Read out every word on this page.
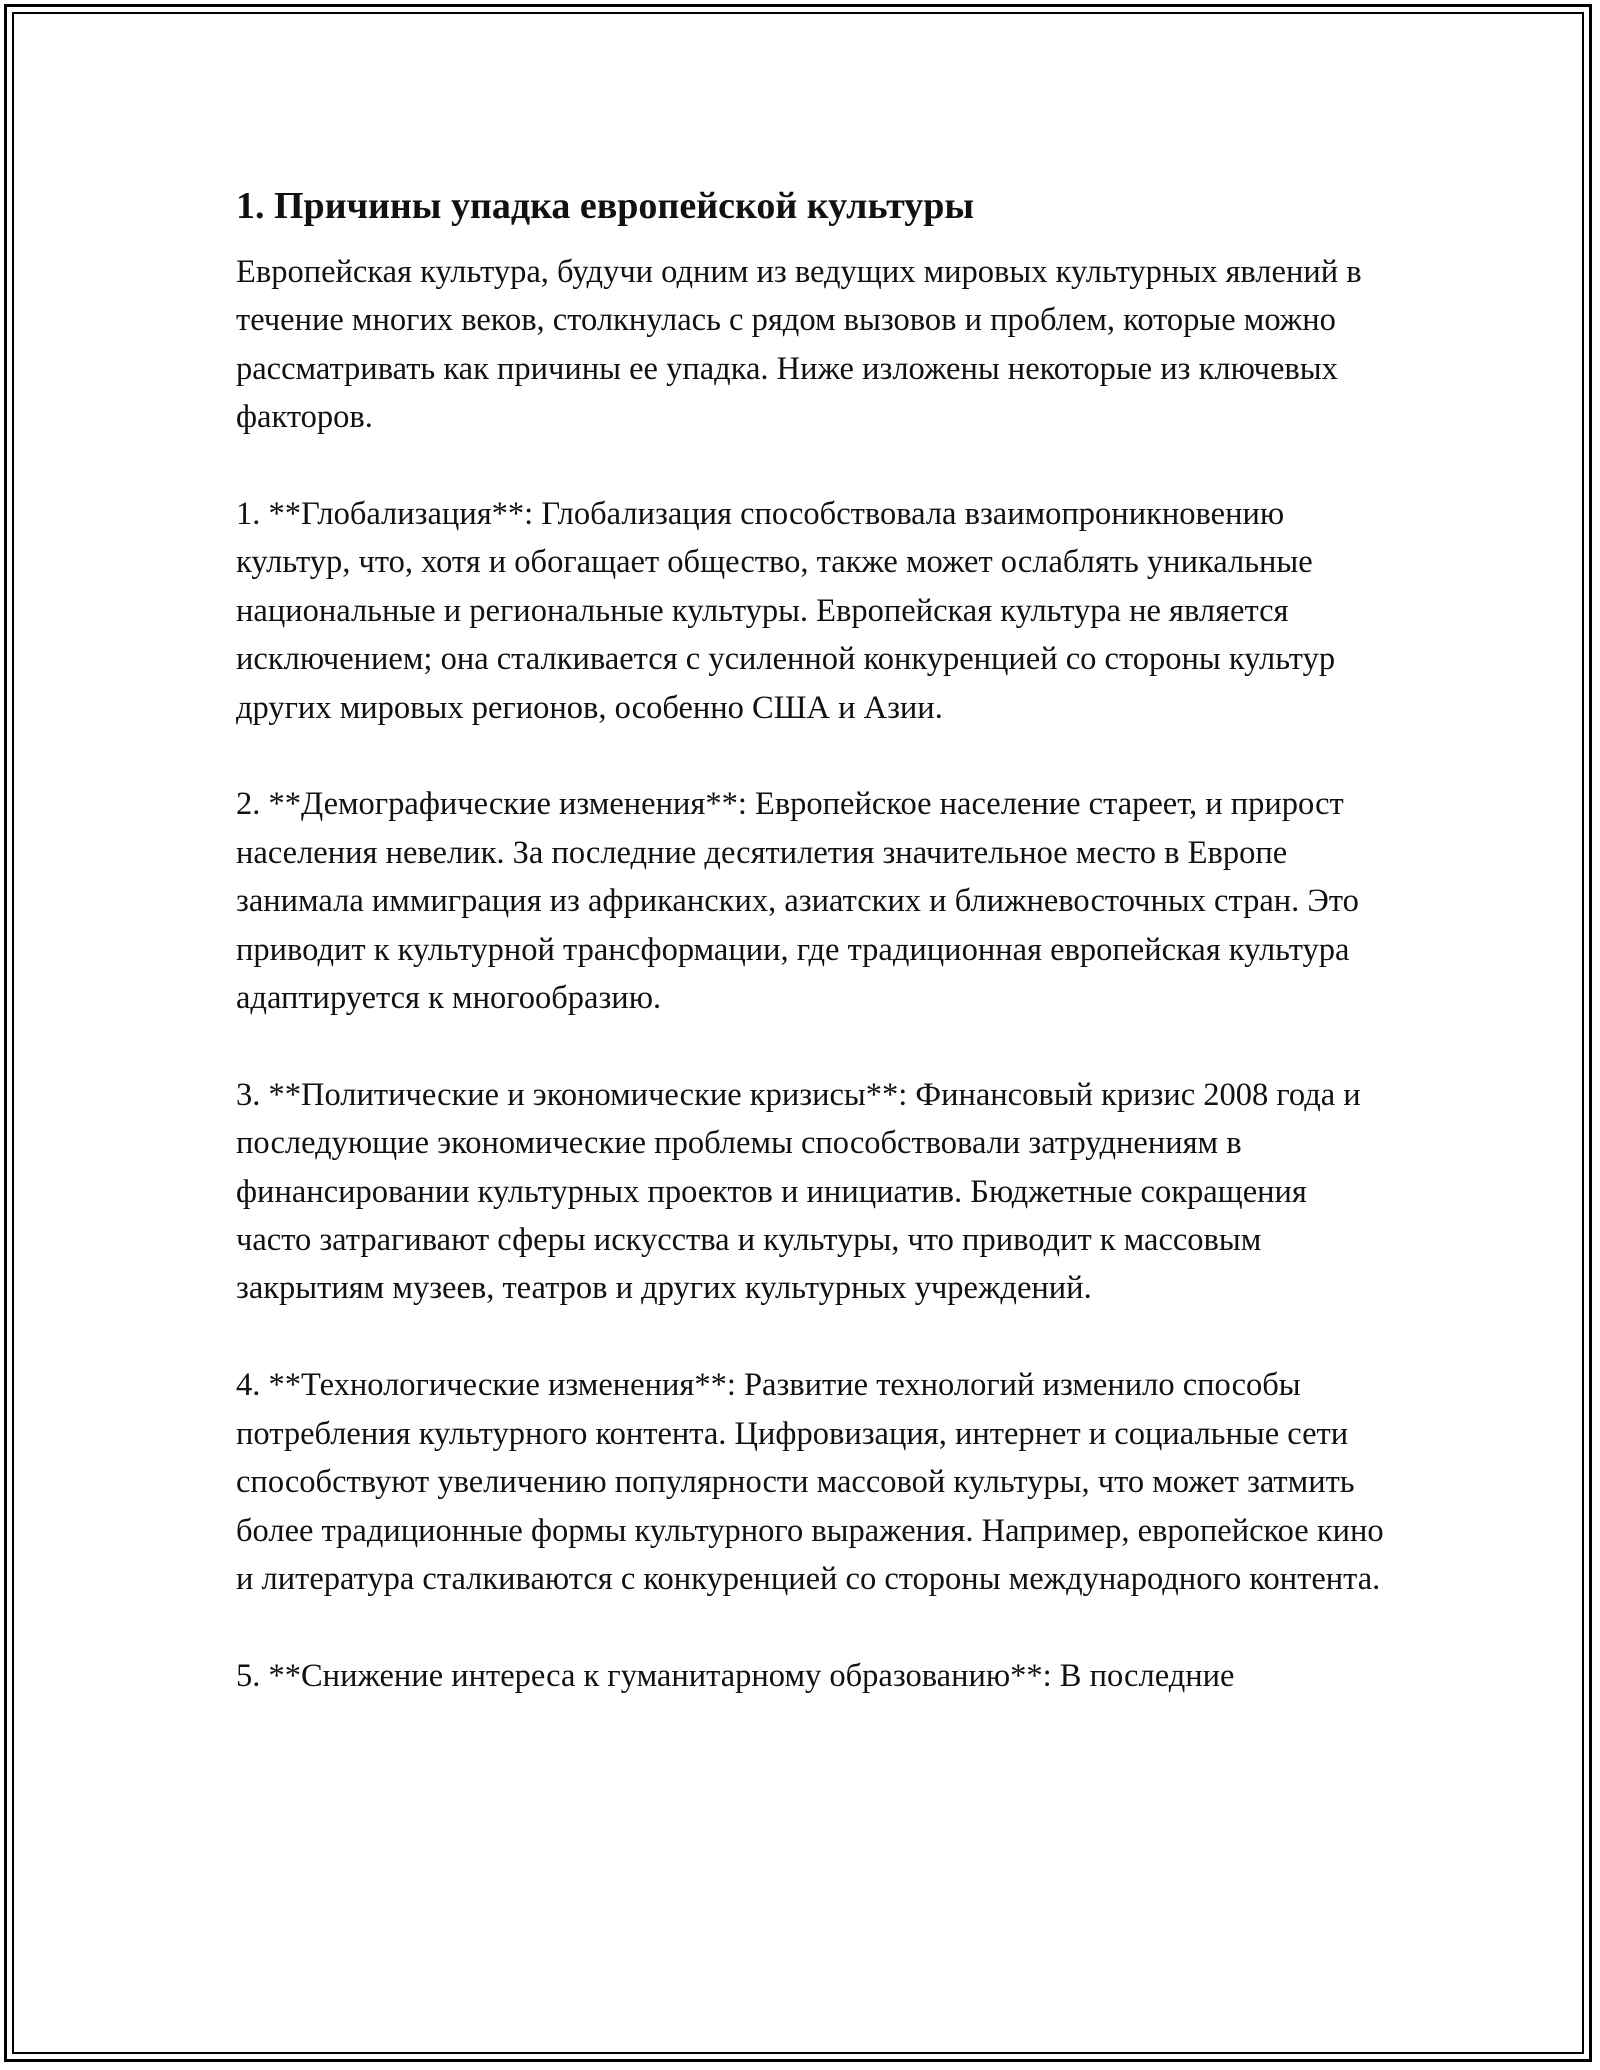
1. Причины упадка европейской культуры

Европейская культура, будучи одним из ведущих мировых культурных явлений в течение многих веков, столкнулась с рядом вызовов и проблем, которые можно рассматривать как причины ее упадка. Ниже изложены некоторые из ключевых факторов.

1. **Глобализация**: Глобализация способствовала взаимопроникновению культур, что, хотя и обогащает общество, также может ослаблять уникальные национальные и региональные культуры. Европейская культура не является исключением; она сталкивается с усиленной конкуренцией со стороны культур других мировых регионов, особенно США и Азии.

2. **Демографические изменения**: Европейское население стареет, и прирост населения невелик. За последние десятилетия значительное место в Европе занимала иммиграция из африканских, азиатских и ближневосточных стран. Это приводит к культурной трансформации, где традиционная европейская культура адаптируется к многообразию.

3. **Политические и экономические кризисы**: Финансовый кризис 2008 года и последующие экономические проблемы способствовали затруднениям в финансировании культурных проектов и инициатив. Бюджетные сокращения часто затрагивают сферы искусства и культуры, что приводит к массовым закрытиям музеев, театров и других культурных учреждений.

4. **Технологические изменения**: Развитие технологий изменило способы потребления культурного контента. Цифровизация, интернет и социальные сети способствуют увеличению популярности массовой культуры, что может затмить более традиционные формы культурного выражения. Например, европейское кино и литература сталкиваются с конкуренцией со стороны международного контента.

5. **Снижение интереса к гуманитарному образованию**: В последние
